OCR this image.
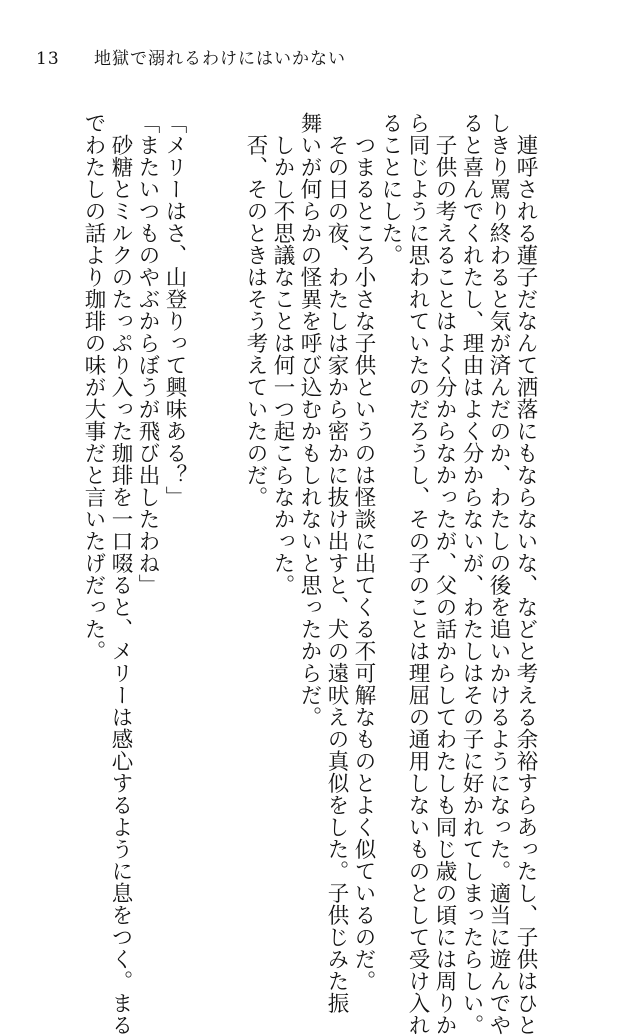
13 地獄で溺れるわけにはいかない
　連呼される蓮子だなんて洒落にもならないな、などと考える余裕すらあったし、子供はひと
しきり罵り終わると気が済んだのか、わたしの後を追いかけるようになった。適当に遊んでや
ると喜んでくれたし、理由はよく分からないが、わたしはその子に好かれてしまったらしい。
　子供の考えることはよく分からなかったが、父の話からしてわたしも同じ歳の頃には周りか
ら同じように思われていたのだろうし、その子のことは理屈の通用しないものとして受け入れ
ることにした。
　つまるところ小さな子供というのは怪談に出てくる不可解なものとよく似ているのだ。
　その日の夜、わたしは家から密かに抜け出すと、犬の遠吠えの真似をした。子供じみた振
舞いが何らかの怪異を呼び込むかもしれないと思ったからだ。
　しかし不思議なことは何一つ起こらなかった。
　否、そのときはそう考えていたのだ。
「メリーはさ、山登りって興味ある？」
「またいつものやぶからぼうが飛び出したわね」
　砂糖とミルクのたっぷり入った珈琲を一口啜ると、メリーは感心するように息をつく。まる
でわたしの話より珈琲の味が大事だと言いたげだった。
